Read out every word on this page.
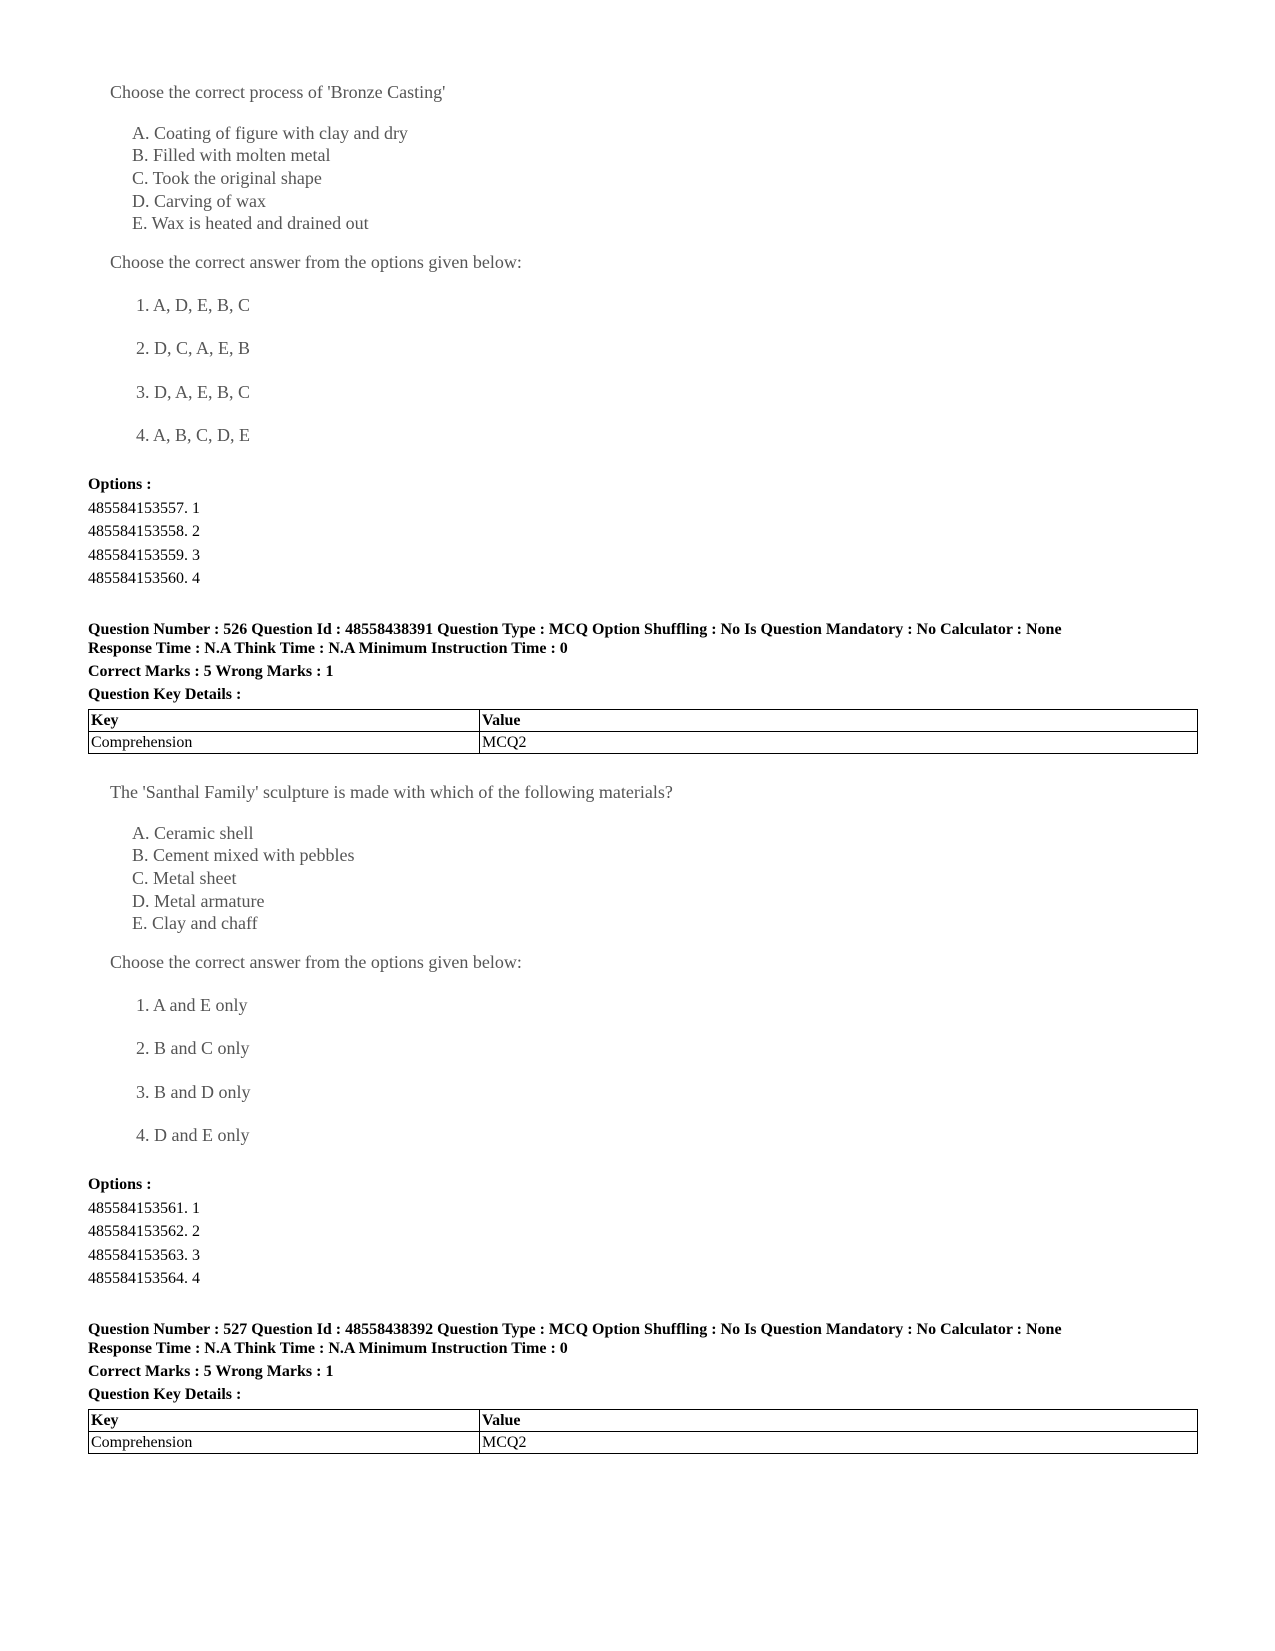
Choose the correct process of 'Bronze Casting'

A. Coating of figure with clay and dry
B. Filled with molten metal
C. Took the original shape
D. Carving of wax
E. Wax is heated and drained out

Choose the correct answer from the options given below:

1. A, D, E, B, C
2. D, C, A, E, B
3. D, A, E, B, C
4. A, B, C, D, E
Options :
485584153557. 1
485584153558. 2
485584153559. 3
485584153560. 4
Question Number : 526 Question Id : 48558438391 Question Type : MCQ Option Shuffling : No Is Question Mandatory : No Calculator : None
Response Time : N.A Think Time : N.A Minimum Instruction Time : 0
Correct Marks : 5 Wrong Marks : 1
Question Key Details :
Key	Value
Comprehension	MCQ2

The 'Santhal Family' sculpture is made with which of the following materials?

A. Ceramic shell
B. Cement mixed with pebbles
C. Metal sheet
D. Metal armature
E. Clay and chaff

Choose the correct answer from the options given below:

1. A and E only
2. B and C only
3. B and D only
4. D and E only
Options :
485584153561. 1
485584153562. 2
485584153563. 3
485584153564. 4
Question Number : 527 Question Id : 48558438392 Question Type : MCQ Option Shuffling : No Is Question Mandatory : No Calculator : None
Response Time : N.A Think Time : N.A Minimum Instruction Time : 0
Correct Marks : 5 Wrong Marks : 1
Question Key Details :
Key	Value
Comprehension	MCQ2
